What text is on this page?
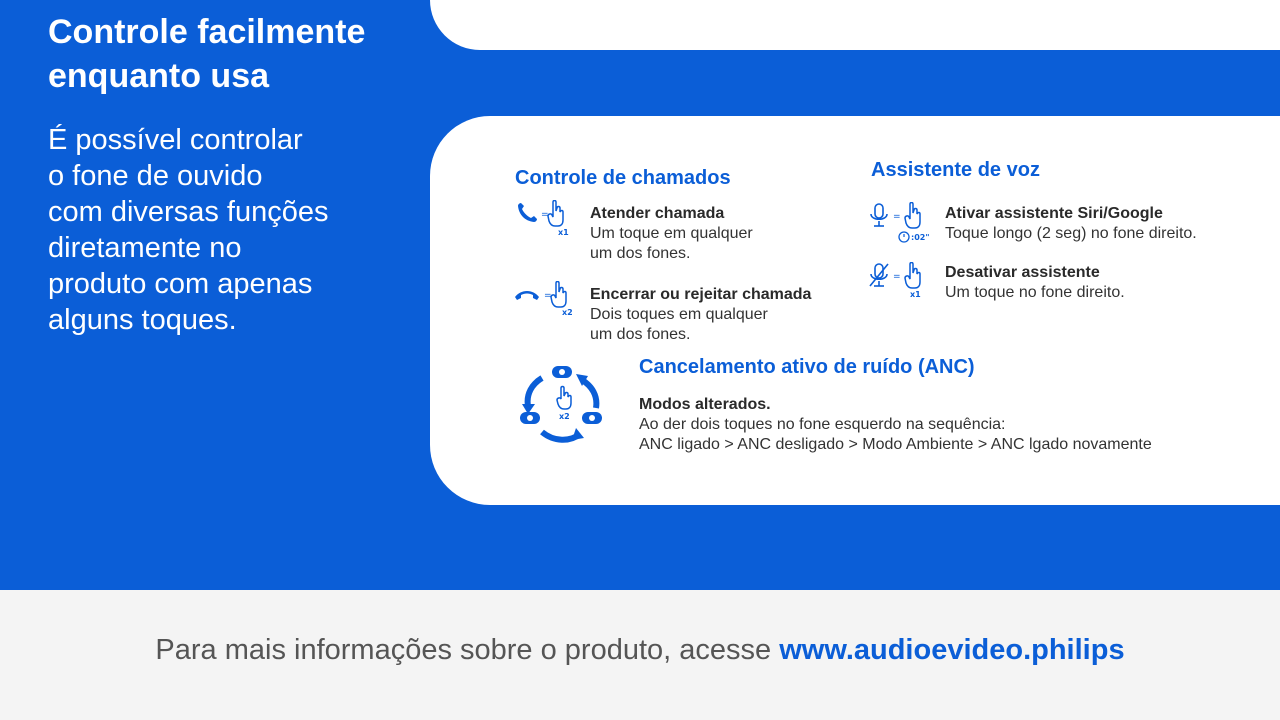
Controle facilmente
enquanto usa
É possível controlar
o fone de ouvido
com diversas funções
diretamente no
produto com apenas
alguns toques.
Controle de chamados
=
x1
Atender chamada
Um toque em qualquer
um dos fones.
=
x2
Encerrar ou rejeitar chamada
Dois toques em qualquer
um dos fones.
Assistente de voz
=
:02"
Ativar assistente Siri/Google
Toque longo (2 seg) no fone direito.
=
x1
Desativar assistente
Um toque no fone direito.
x2
Cancelamento ativo de ruído (ANC)
Modos alterados.
Ao der dois toques no fone esquerdo na sequência:
ANC ligado > ANC desligado > Modo Ambiente > ANC lgado novamente
Para mais informações sobre o produto, acesse www.audioevideo.philips
